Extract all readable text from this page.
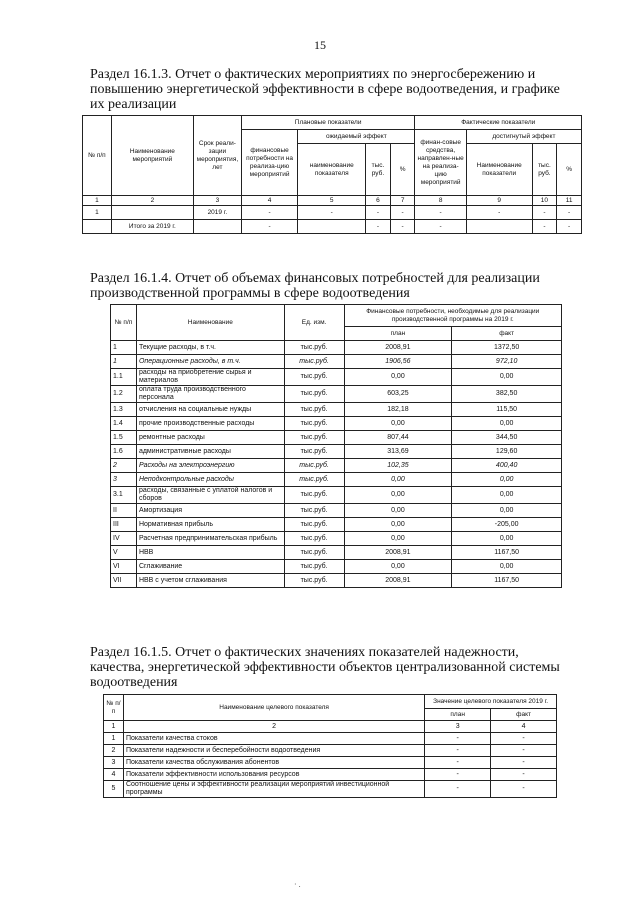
15
Раздел 16.1.3. Отчет о фактических мероприятиях по энергосбережению и
повышению энергетической эффективности в сфере водоотведения, и графике
их реализации
№ п/п	Наименование мероприятий	Срок реали-зации мероприятия, лет	Плановые показатели				Фактические показатели			
			финансовые потребности на реализа-цию мероприятий	ожидаемый эффект			финан-совые средства, направлен-ные на реализа-цию мероприятий	достигнутый эффект		
				наименование показателя	тыс. руб.	%		Наименование показатели	тыс. руб.	%
1	2	3	4	5	6	7	8	9	10	11
1		2019 г.	-	-	-	-	-	-	-	-
	Итого за 2019 г.		-		-	-	-		-	-
Раздел 16.1.4. Отчет об объемах финансовых потребностей для реализации
производственной программы в сфере водоотведения
№ п/п	Наименование	Ед. изм.	Финансовые потребности, необходимые для реализации производственной программы на 2019 г.	
			план	факт
1	Текущие расходы, в т.ч.	тыс.руб.	2008,91	1372,50
1	Операционные расходы, в т.ч.	тыс.руб.	1906,56	972,10
1.1	расходы на приобретение сырья и материалов	тыс.руб.	0,00	0,00
1.2	оплата труда производственного персонала	тыс.руб.	603,25	382,50
1.3	отчисления на социальные нужды	тыс.руб.	182,18	115,50
1.4	прочие производственные расходы	тыс.руб.	0,00	0,00
1.5	ремонтные расходы	тыс.руб.	807,44	344,50
1.6	административные расходы	тыс.руб.	313,69	129,60
2	Расходы на электроэнергию	тыс.руб.	102,35	400,40
3	Неподконтрольные расходы	тыс.руб.	0,00	0,00
3.1	расходы, связанные с уплатой налогов и сборов	тыс.руб.	0,00	0,00
II	Амортизация	тыс.руб.	0,00	0,00
III	Нормативная прибыль	тыс.руб.	0,00	-205,00
IV	Расчетная предпринимательская прибыль	тыс.руб.	0,00	0,00
V	НВВ	тыс.руб.	2008,91	1167,50
VI	Сглаживание	тыс.руб.	0,00	0,00
VII	НВВ с учетом сглаживания	тыс.руб.	2008,91	1167,50
Раздел 16.1.5. Отчет о фактических значениях показателей надежности,
качества, энергетической эффективности объектов централизованной системы
водоотведения
№ п/п	Наименование целевого показателя	Значение целевого показателя 2019 г.	
		план	факт
1	2	3	4
1	Показатели качества стоков	-	-
2	Показатели надежности и бесперебойности водоотведения	-	-
3	Показатели качества обслуживания абонентов	-	-
4	Показатели эффективности использования ресурсов	-	-
5	Соотношение цены и эффективности реализации мероприятий инвестиционной программы	-	-
· .
